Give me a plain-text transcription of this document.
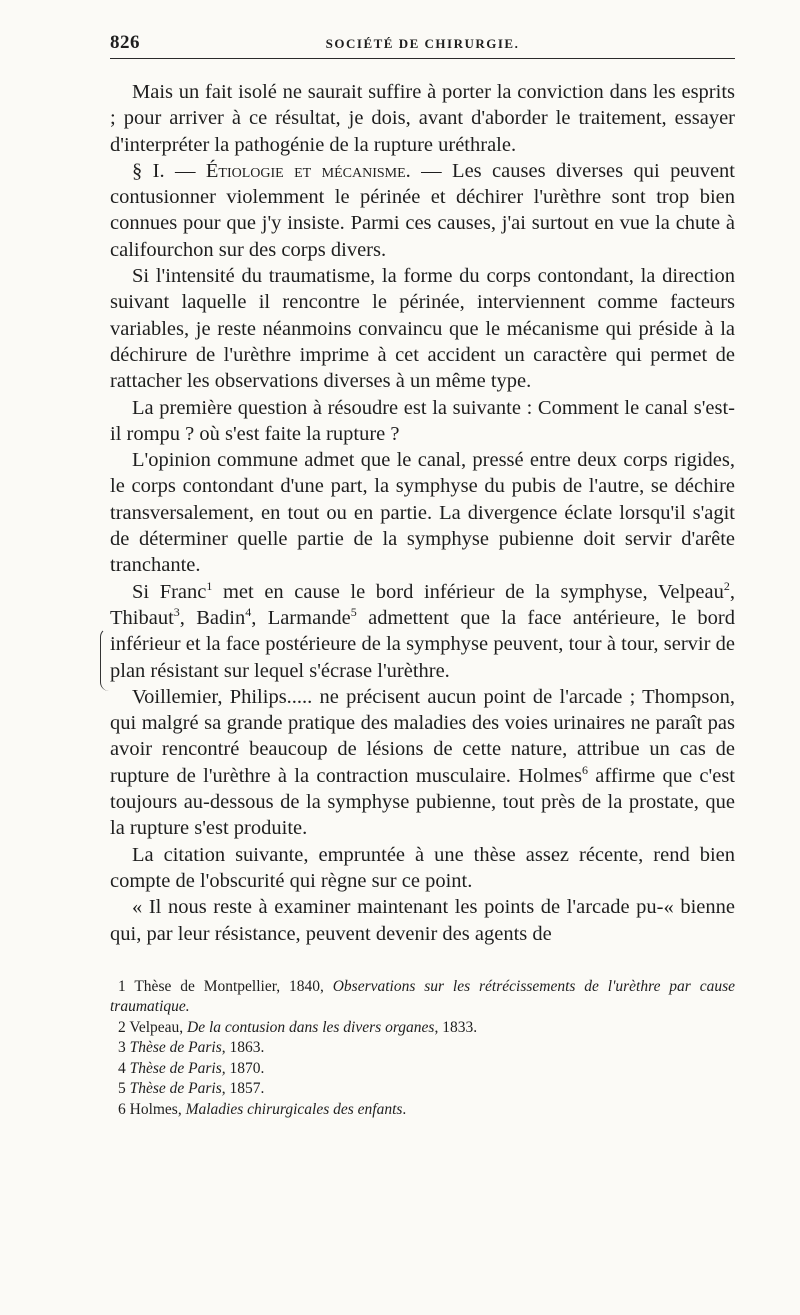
826	SOCIÉTÉ DE CHIRURGIE.

Mais un fait isolé ne saurait suffire à porter la conviction dans les esprits ; pour arriver à ce résultat, je dois, avant d'aborder le traitement, essayer d'interpréter la pathogénie de la rupture uréthrale.

§ I. — Étiologie et mécanisme. — Les causes diverses qui peuvent contusionner violemment le périnée et déchirer l'urèthre sont trop bien connues pour que j'y insiste. Parmi ces causes, j'ai surtout en vue la chute à califourchon sur des corps divers.

Si l'intensité du traumatisme, la forme du corps contondant, la direction suivant laquelle il rencontre le périnée, interviennent comme facteurs variables, je reste néanmoins convaincu que le mécanisme qui préside à la déchirure de l'urèthre imprime à cet accident un caractère qui permet de rattacher les observations diverses à un même type.

La première question à résoudre est la suivante : Comment le canal s'est-il rompu ? où s'est faite la rupture ?

L'opinion commune admet que le canal, pressé entre deux corps rigides, le corps contondant d'une part, la symphyse du pubis de l'autre, se déchire transversalement, en tout ou en partie. La divergence éclate lorsqu'il s'agit de déterminer quelle partie de la symphyse pubienne doit servir d'arête tranchante.

Si Franc$^1$ met en cause le bord inférieur de la symphyse, Velpeau$^2$, Thibaut$^3$, Badin$^4$, Larmande$^5$ admettent que la face antérieure, le bord inférieur et la face postérieure de la symphyse peuvent, tour à tour, servir de plan résistant sur lequel s'écrase l'urèthre.

Voillemier, Philips..... ne précisent aucun point de l'arcade ; Thompson, qui malgré sa grande pratique des maladies des voies urinaires ne paraît pas avoir rencontré beaucoup de lésions de cette nature, attribue un cas de rupture de l'urèthre à la contraction musculaire. Holmes$^6$ affirme que c'est toujours au-dessous de la symphyse pubienne, tout près de la prostate, que la rupture s'est produite.

La citation suivante, empruntée à une thèse assez récente, rend bien compte de l'obscurité qui règne sur ce point.

« Il nous reste à examiner maintenant les points de l'arcade pu-« bienne qui, par leur résistance, peuvent devenir des agents de

1 Thèse de Montpellier, 1840, Observations sur les rétrécissements de l'urèthre par cause traumatique.

2 Velpeau, De la contusion dans les divers organes, 1833.

3 Thèse de Paris, 1863.

4 Thèse de Paris, 1870.

5 Thèse de Paris, 1857.

6 Holmes, Maladies chirurgicales des enfants.
